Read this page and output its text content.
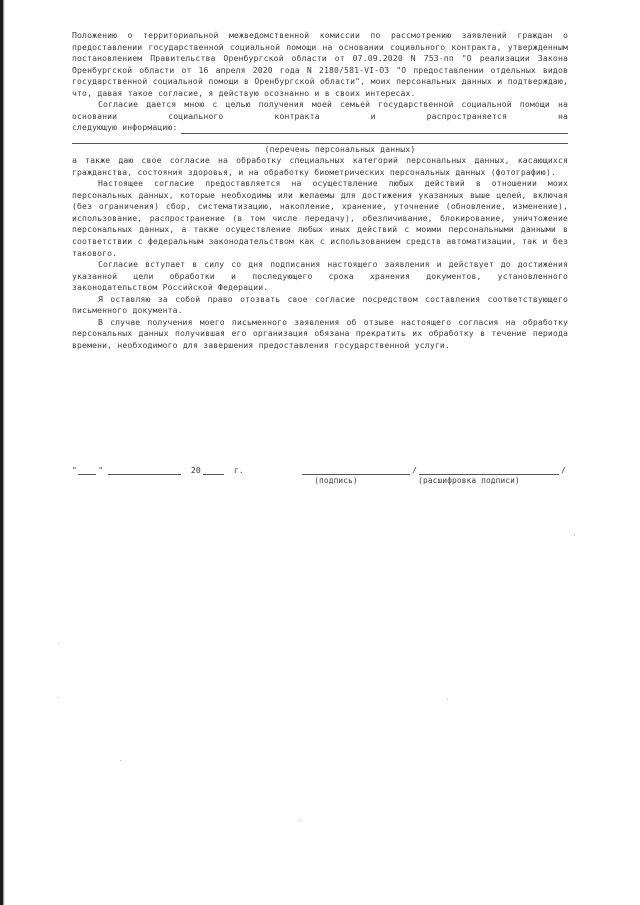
Положению о территориальной межведомственной комиссии по рассмотрению заявлений граждан о предоставлении государственной социальной помощи на основании социального контракта, утвержденным постановлением Правительства Оренбургской области от 07.09.2020 N 753-пп "О реализации Закона Оренбургской области от 16 апреля 2020 года N 2180/581-VI-ОЗ "О предоставлении отдельных видов государственной социальной помощи в Оренбургской области", моих персональных данных и подтверждаю, что, давая такое согласие, я действую осознанно и в своих интересах.

Согласие дается мною с целью получения моей семьей государственной социальной помощи на основании социального контракта и распространяется на

следующую информацию:
(перечень персональных данных)

а также даю свое согласие на обработку специальных категорий персональных данных, касающихся гражданства, состояния здоровья, и на обработку биометрических персональных данных (фотографию).

Настоящее согласие предоставляется на осуществление любых действий в отношении моих персональных данных, которые необходимы или желаемы для достижения указанных выше целей, включая (без ограничения) сбор, систематизацию, накопление, хранение, уточнение (обновление, изменение), использование, распространение (в том числе передачу), обезличивание, блокирование, уничтожение персональных данных, а также осуществление любых иных действий с моими персональными данными в соответствии с федеральным законодательством как с использованием средств автоматизации, так и без такового.

Согласие вступает в силу со дня подписания настоящего заявления и действует до достижения указанной цели обработки и последующего срока хранения документов, установленного законодательством Российской Федерации.

Я оставляю за собой право отозвать свое согласие посредством составления соответствующего письменного документа.

В случае получения моего письменного заявления об отзыве настоящего согласия на обработку персональных данных получившая его организация обязана прекратить их обработку в течение периода времени, необходимого для завершения предоставления государственной услуги.

"	"	20	г.	/	/
(подпись)	(расшифровка подписи)
